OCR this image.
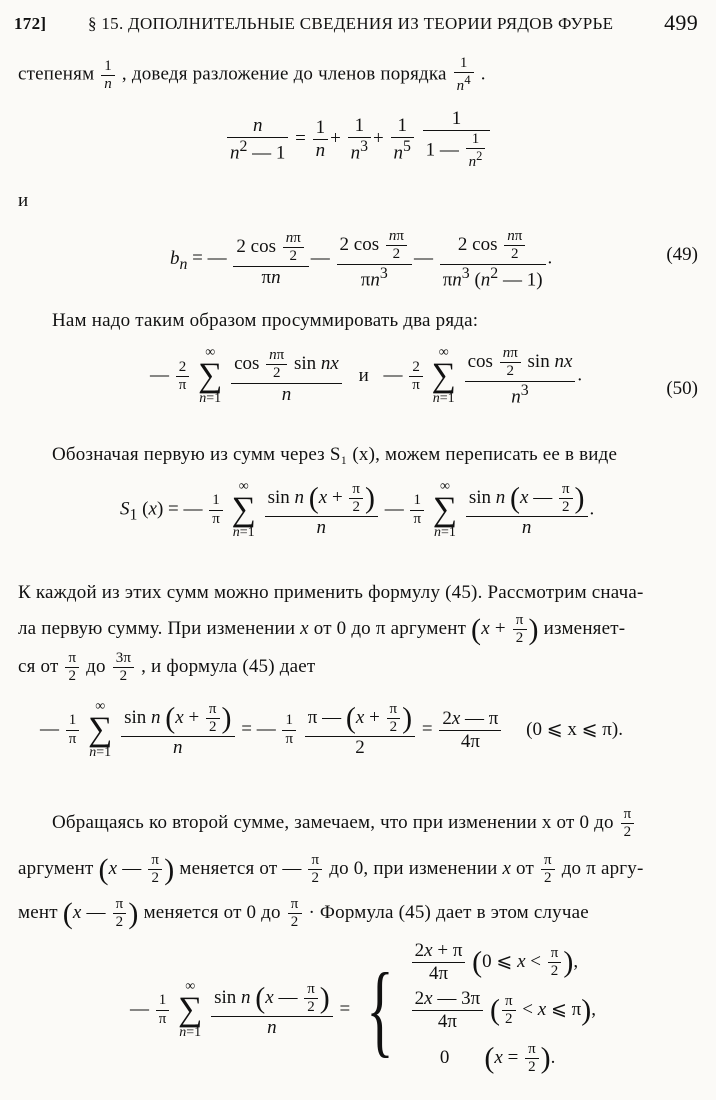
172] § 15. ДОПОЛНИТЕЛЬНЫЕ СВЕДЕНИЯ ИЗ ТЕОРИИ РЯДОВ ФУРЬЕ 499
степеням $\frac{1}{n}$ , доведя разложение до членов порядка $\frac{1}{n^4}$ .
$\frac{n}{n^2 — 1} = \frac{1}{n} + \frac{1}{n^3} + \frac{1}{n^5}$
$\frac{1}{1 — \frac{1}{n^2}}$
и
$b_n$ = — $\frac{2 \cos \frac{n\pi}{2}}{\pi n}$ — $\frac{2 \cos \frac{n\pi}{2}}{\pi n^3}$ — $\frac{2 \cos \frac{n\pi}{2}}{\pi n^3 (n^2 — 1)}$ .	(49)
Нам надо таким образом просуммировать два ряда:
— $\frac{2}{\pi}$

∞
∑
n=1
$\frac{\cos \frac{n\pi}{2} \sin nx}{n}$ и — $\frac{2}{\pi}$

∞
∑
n=1
$\frac{\cos \frac{n\pi}{2} \sin nx}{n^3}$ .
(50)
Обозначая первую из сумм через S₁ (x), можем переписать ее в виде
$S_1$ (x) = — $\frac{1}{\pi}$

∞
∑
n=1
$\frac{\sin n (x + \frac{\pi}{2} )}{n}$ — $\frac{1}{\pi}$

∞
∑
n=1
$\frac{\sin n (x — \frac{\pi}{2} )}{n}$ .
К каждой из этих сумм можно применить формулу (45). Рассмотрим снача-
ла первую сумму. При изменении x от 0 до π аргумент ($x + \frac{\pi}{2}$ ) изменяет-
ся от $\frac{\pi}{2}$ до $\frac{3\pi}{2}$ , и формула (45) дает
— $\frac{1}{\pi}$

∞
∑
n=1
$\frac{\sin n (x + \frac{\pi}{2} )}{n}$ = — $\frac{1}{\pi}$
$\frac{\pi — (x + \frac{\pi}{2} )}{2} = \frac{2x — \pi}{4\pi} (0$ ⩽ x ⩽ π).
Обращаясь ко второй сумме, замечаем, что при изменении x от 0 до $\frac{\pi}{2}$
аргумент (x — $\frac{\pi}{2}$ ) меняется от — $\frac{\pi}{2}$ до 0, при изменении x от $\frac{\pi}{2}$ до π аргу-
мент (x — $\frac{\pi}{2}$ ) меняется от 0 до $\frac{\pi}{2}$ · Формула (45) дает в этом случае
— $\frac{1}{\pi}$

∞
∑
n=1
$\frac{\sin n (x — \frac{\pi}{2} )}{n}$ = { $\frac{2x + \pi}{4\pi} (0$ ⩽ $x < \frac{\pi}{2}$ ),
$\frac{2x — 3\pi}{4\pi}$ ( $\frac{\pi}{2} < x$ ⩽ π),
0 ($x = \frac{\pi}{2}$ ).
